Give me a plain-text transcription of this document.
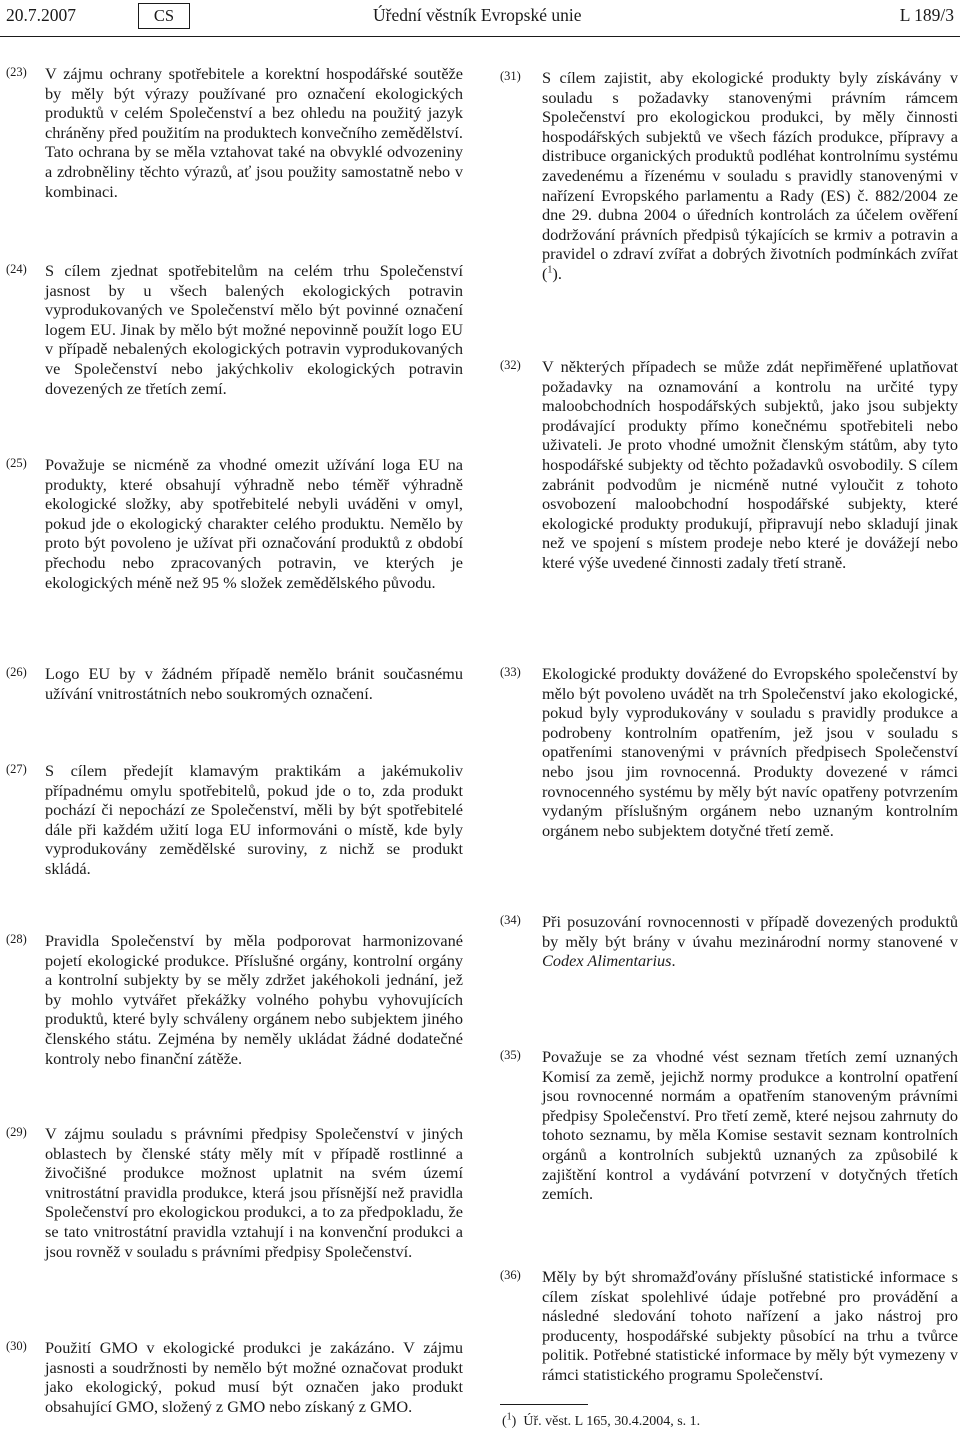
20.7.2007	CS	Úřední věstník Evropské unie	L 189/3
(23) V zájmu ochrany spotřebitele a korektní hospodářské soutěže by měly být výrazy používané pro označení ekologických produktů v celém Společenství a bez ohledu na použitý jazyk chráněny před použitím na produktech konvečního zemědělství. Tato ochrana by se měla vztahovat také na obvyklé odvozeniny a zdrobněliny těchto výrazů, ať jsou použity samostatně nebo v kombinaci.
(24) S cílem zjednat spotřebitelům na celém trhu Společenství jasnost by u všech balených ekologických potravin vyprodukovaných ve Společenství mělo být povinné označení logem EU. Jinak by mělo být možné nepovinně použít logo EU v případě nebalených ekologických potravin vyprodukovaných ve Společenství nebo jakýchkoliv ekologických potravin dovezených ze třetích zemí.
(25) Považuje se nicméně za vhodné omezit užívání loga EU na produkty, které obsahují výhradně nebo téměř výhradně ekologické složky, aby spotřebitelé nebyli uváděni v omyl, pokud jde o ekologický charakter celého produktu. Nemělo by proto být povoleno je užívat při označování produktů z období přechodu nebo zpracovaných potravin, ve kterých je ekologických méně než 95 % složek zemědělského původu.
(26) Logo EU by v žádném případě nemělo bránit současnému užívání vnitrostátních nebo soukromých označení.
(27) S cílem předejít klamavým praktikám a jakémukoliv případnému omylu spotřebitelů, pokud jde o to, zda produkt pochází či nepochází ze Společenství, měli by být spotřebitelé dále při každém užití loga EU informováni o místě, kde byly vyprodukovány zemědělské suroviny, z nichž se produkt skládá.
(28) Pravidla Společenství by měla podporovat harmonizované pojetí ekologické produkce. Příslušné orgány, kontrolní orgány a kontrolní subjekty by se měly zdržet jakéhokoli jednání, jež by mohlo vytvářet překážky volného pohybu vyhovujících produktů, které byly schváleny orgánem nebo subjektem jiného členského státu. Zejména by neměly ukládat žádné dodatečné kontroly nebo finanční zátěže.
(29) V zájmu souladu s právními předpisy Společenství v jiných oblastech by členské státy měly mít v případě rostlinné a živočišné produkce možnost uplatnit na svém území vnitrostátní pravidla produkce, která jsou přísnější než pravidla Společenství pro ekologickou produkci, a to za předpokladu, že se tato vnitrostátní pravidla vztahují i na konvenční produkci a jsou rovněž v souladu s právními předpisy Společenství.
(30) Použití GMO v ekologické produkci je zakázáno. V zájmu jasnosti a soudržnosti by nemělo být možné označovat produkt jako ekologický, pokud musí být označen jako produkt obsahující GMO, složený z GMO nebo získaný z GMO.
(31) S cílem zajistit, aby ekologické produkty byly získávány v souladu s požadavky stanovenými právním rámcem Společenství pro ekologickou produkci, by měly činnosti hospodářských subjektů ve všech fázích produkce, přípravy a distribuce organických produktů podléhat kontrolnímu systému zavedenému a řízenému v souladu s pravidly stanovenými v nařízení Evropského parlamentu a Rady (ES) č. 882/2004 ze dne 29. dubna 2004 o úředních kontrolách za účelem ověření dodržování právních předpisů týkajících se krmiv a potravin a pravidel o zdraví zvířat a dobrých životních podmínkách zvířat ($^1$).
(32) V některých případech se může zdát nepřiměřené uplatňovat požadavky na oznamování a kontrolu na určité typy maloobchodních hospodářských subjektů, jako jsou subjekty prodávající produkty přímo konečnému spotřebiteli nebo uživateli. Je proto vhodné umožnit členským státům, aby tyto hospodářské subjekty od těchto požadavků osvobodily. S cílem zabránit podvodům je nicméně nutné vyloučit z tohoto osvobození maloobchodní hospodářské subjekty, které ekologické produkty produkují, připravují nebo skladují jinak než ve spojení s místem prodeje nebo které je dovážejí nebo které výše uvedené činnosti zadaly třetí straně.
(33) Ekologické produkty dovážené do Evropského společenství by mělo být povoleno uvádět na trh Společenství jako ekologické, pokud byly vyprodukovány v souladu s pravidly produkce a podrobeny kontrolním opatřením, jež jsou v souladu s opatřeními stanovenými v právních předpisech Společenství nebo jsou jim rovnocenná. Produkty dovezené v rámci rovnocenného systému by měly být navíc opatřeny potvrzením vydaným příslušným orgánem nebo uznaným kontrolním orgánem nebo subjektem dotyčné třetí země.
(34) Při posuzování rovnocennosti v případě dovezených produktů by měly být brány v úvahu mezinárodní normy stanovené v Codex Alimentarius.
(35) Považuje se za vhodné vést seznam třetích zemí uznaných Komisí za země, jejichž normy produkce a kontrolní opatření jsou rovnocenné normám a opatřením stanoveným právními předpisy Společenství. Pro třetí země, které nejsou zahrnuty do tohoto seznamu, by měla Komise sestavit seznam kontrolních orgánů a kontrolních subjektů uznaných za způsobilé k zajištění kontrol a vydávání potvrzení v dotyčných třetích zemích.
(36) Měly by být shromažďovány příslušné statistické informace s cílem získat spolehlivé údaje potřebné pro provádění a následné sledování tohoto nařízení a jako nástroj pro producenty, hospodářské subjekty působící na trhu a tvůrce politik. Potřebné statistické informace by měly být vymezeny v rámci statistického programu Společenství.
($^1$)  Úř. věst. L 165, 30.4.2004, s. 1.
